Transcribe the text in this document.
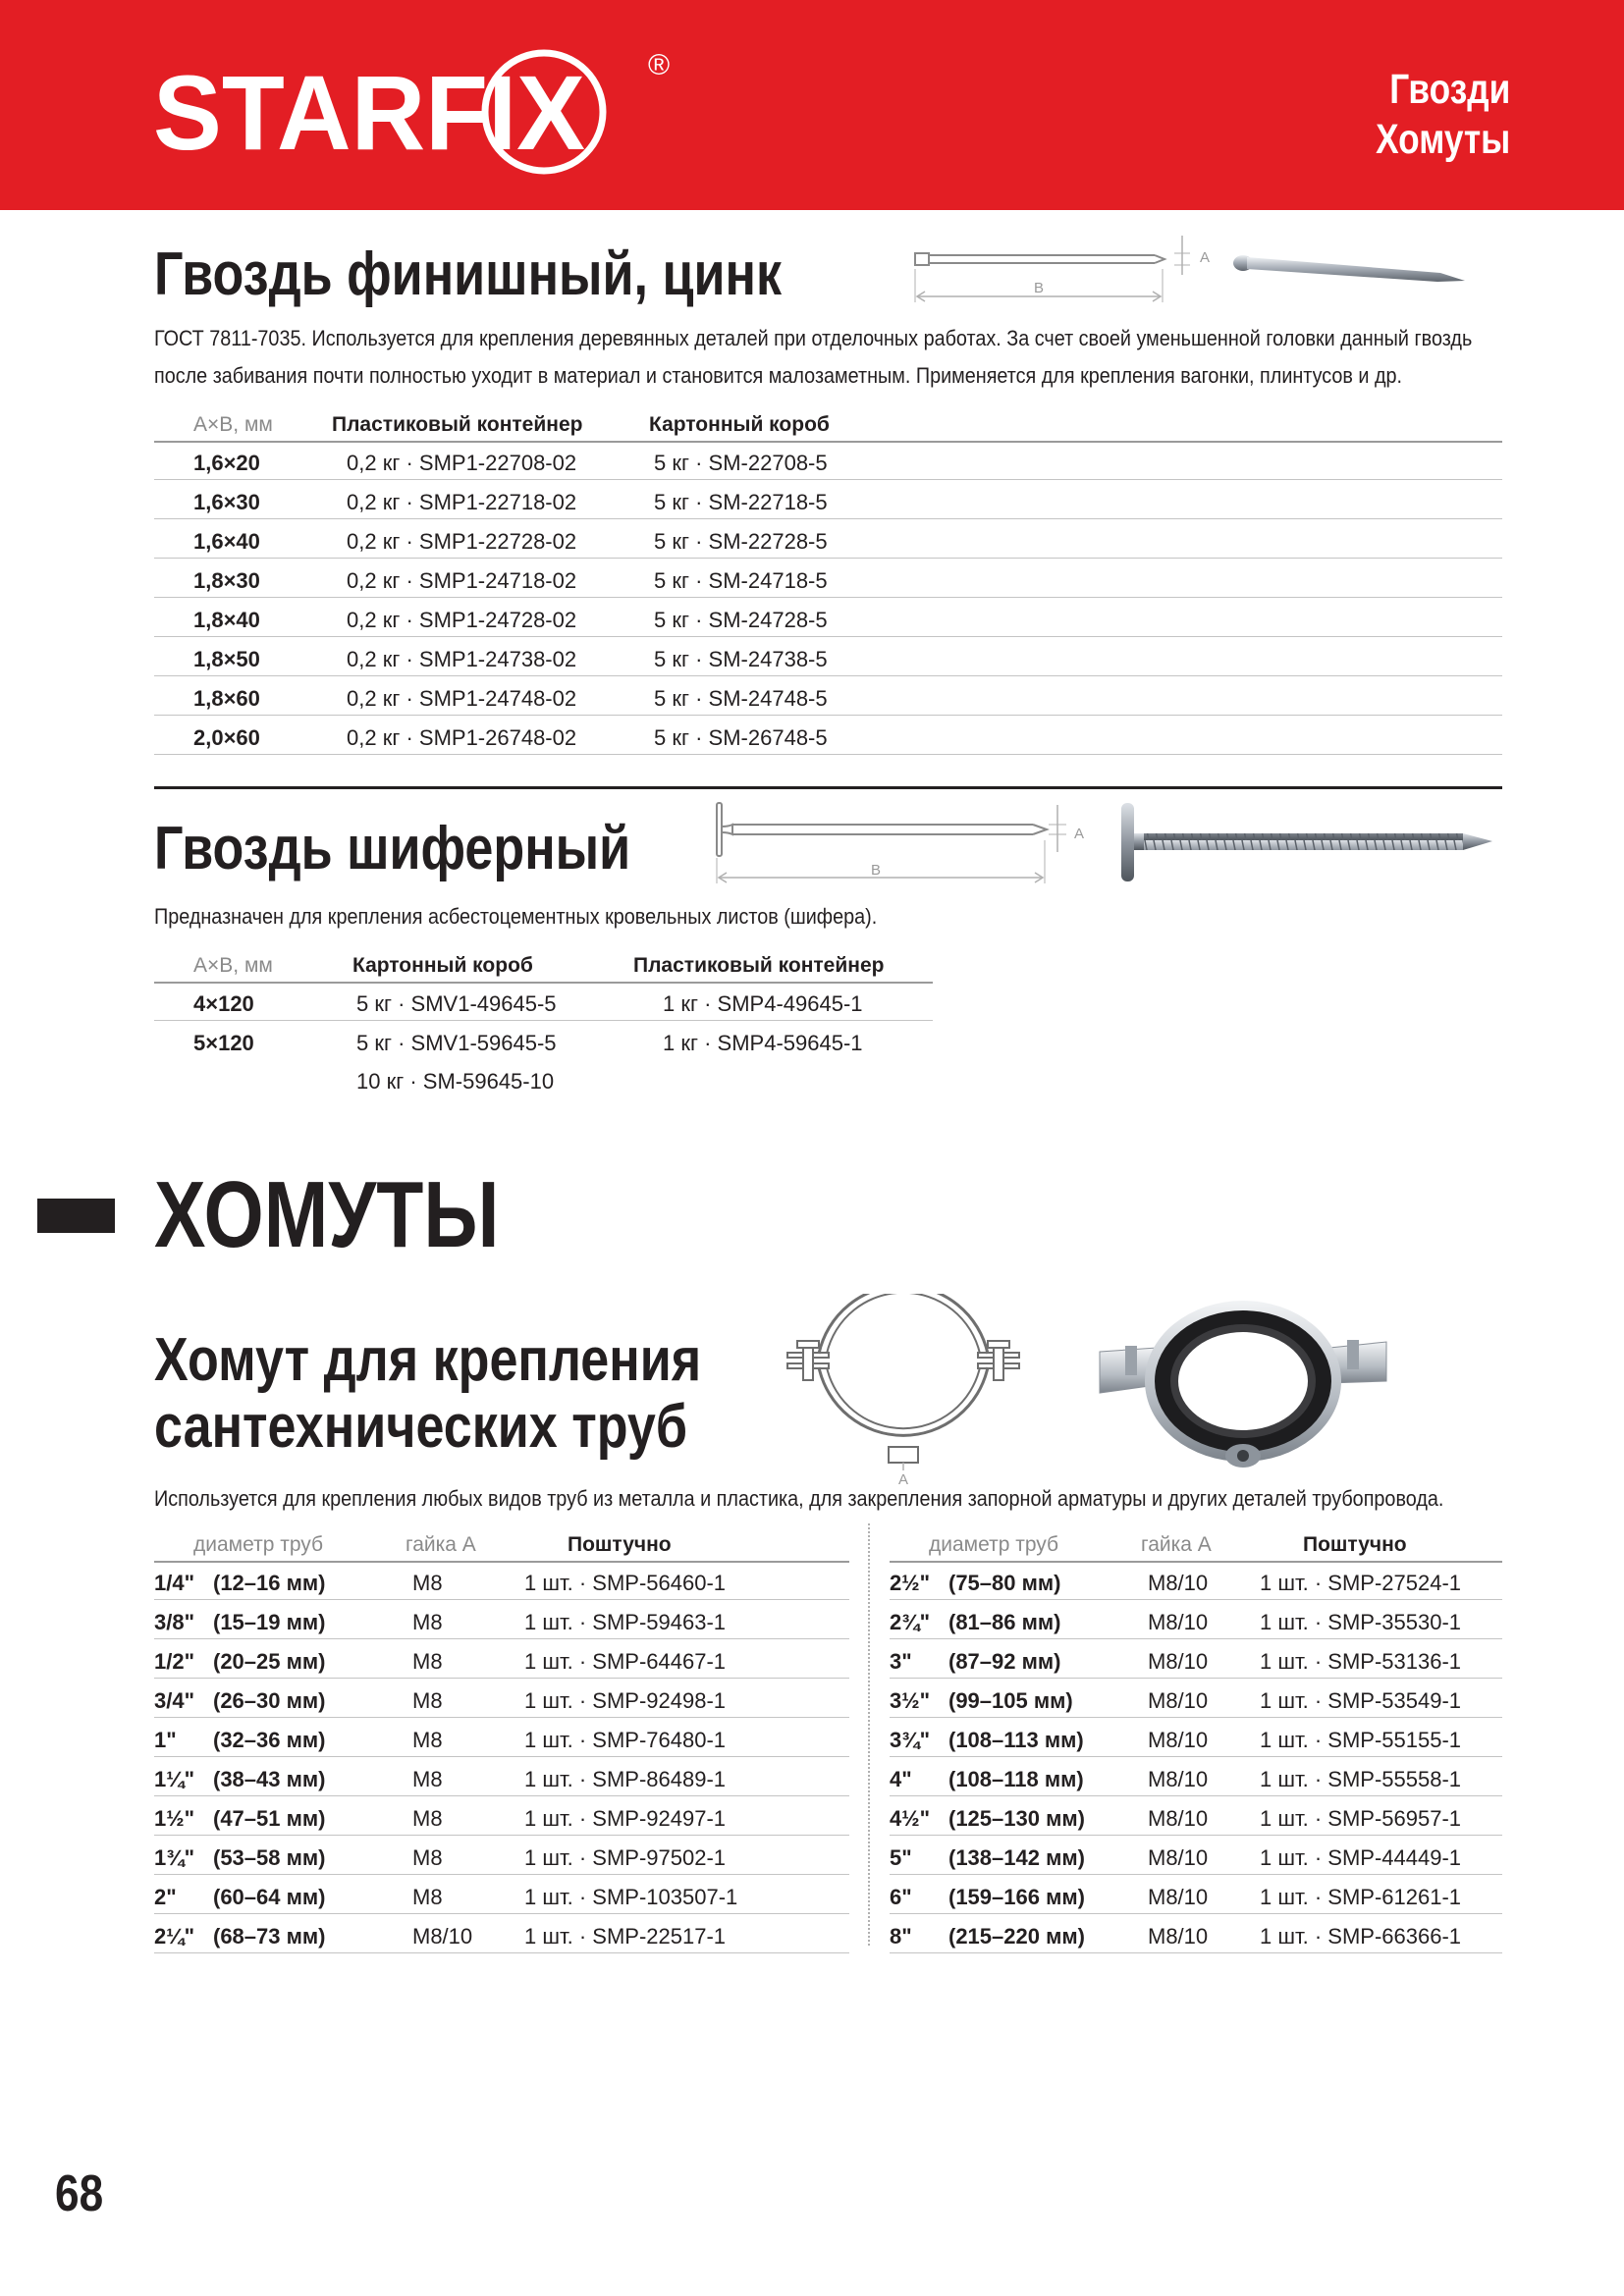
STARFIX ®
Гвозди
Хомуты
Гвоздь финишный, цинк	B
A
ГОСТ 7811-7035. Используется для крепления деревянных деталей при отделочных работах. За счет своей уменьшенной головки данный гвоздь
после забивания почти полностью уходит в материал и становится малозаметным. Применяется для крепления вагонки, плинтусов и др.
А×В, мм	Пластиковый контейнер	Картонный короб
1,6×20	0,2 кг · SMP1-22708-02	5 кг · SM-22708-5
1,6×30	0,2 кг · SMP1-22718-02	5 кг · SM-22718-5
1,6×40	0,2 кг · SMP1-22728-02	5 кг · SM-22728-5
1,8×30	0,2 кг · SMP1-24718-02	5 кг · SM-24718-5
1,8×40	0,2 кг · SMP1-24728-02	5 кг · SM-24728-5
1,8×50	0,2 кг · SMP1-24738-02	5 кг · SM-24738-5
1,8×60	0,2 кг · SMP1-24748-02	5 кг · SM-24748-5
2,0×60	0,2 кг · SMP1-26748-02	5 кг · SM-26748-5
Гвоздь шиферный	B
A
Предназначен для крепления асбестоцементных кровельных листов (шифера).
А×В, мм	Картонный короб	Пластиковый контейнер
4×120	5 кг · SMV1-49645-5	1 кг · SMP4-49645-1
5×120	5 кг · SMV1-59645-5	1 кг · SMP4-59645-1
10 кг · SM-59645-10
ХОМУТЫ
Хомут для крепления
сантехнических труб
A
Используется для крепления любых видов труб из металла и пластика, для закрепления запорной арматуры и других деталей трубопровода.
диаметр труб	гайка А	Поштучно
1/4" (12–16 мм)	M8	1 шт. · SMP-56460-1
3/8" (15–19 мм)	M8	1 шт. · SMP-59463-1
1/2" (20–25 мм)	M8	1 шт. · SMP-64467-1
3/4" (26–30 мм)	M8	1 шт. · SMP-92498-1
1" (32–36 мм)	M8	1 шт. · SMP-76480-1
1¼" (38–43 мм)	M8	1 шт. · SMP-86489-1
1½" (47–51 мм)	M8	1 шт. · SMP-92497-1
1¾" (53–58 мм)	M8	1 шт. · SMP-97502-1
2" (60–64 мм)	M8	1 шт. · SMP-103507-1
2¼" (68–73 мм)	M8/10 1 шт. · SMP-22517-1
диаметр труб	гайка А	Поштучно
2½" (75–80 мм)	M8/10 1 шт. · SMP-27524-1
2¾" (81–86 мм)	M8/10 1 шт. · SMP-35530-1
3" (87–92 мм)	M8/10 1 шт. · SMP-53136-1
3½" (99–105 мм)	M8/10 1 шт. · SMP-53549-1
3¾" (108–113 мм)	M8/10 1 шт. · SMP-55155-1
4" (108–118 мм)	M8/10 1 шт. · SMP-55558-1
4½" (125–130 мм)	M8/10 1 шт. · SMP-56957-1
5" (138–142 мм)	M8/10 1 шт. · SMP-44449-1
6" (159–166 мм)	M8/10 1 шт. · SMP-61261-1
8" (215–220 мм)	M8/10 1 шт. · SMP-66366-1
68
